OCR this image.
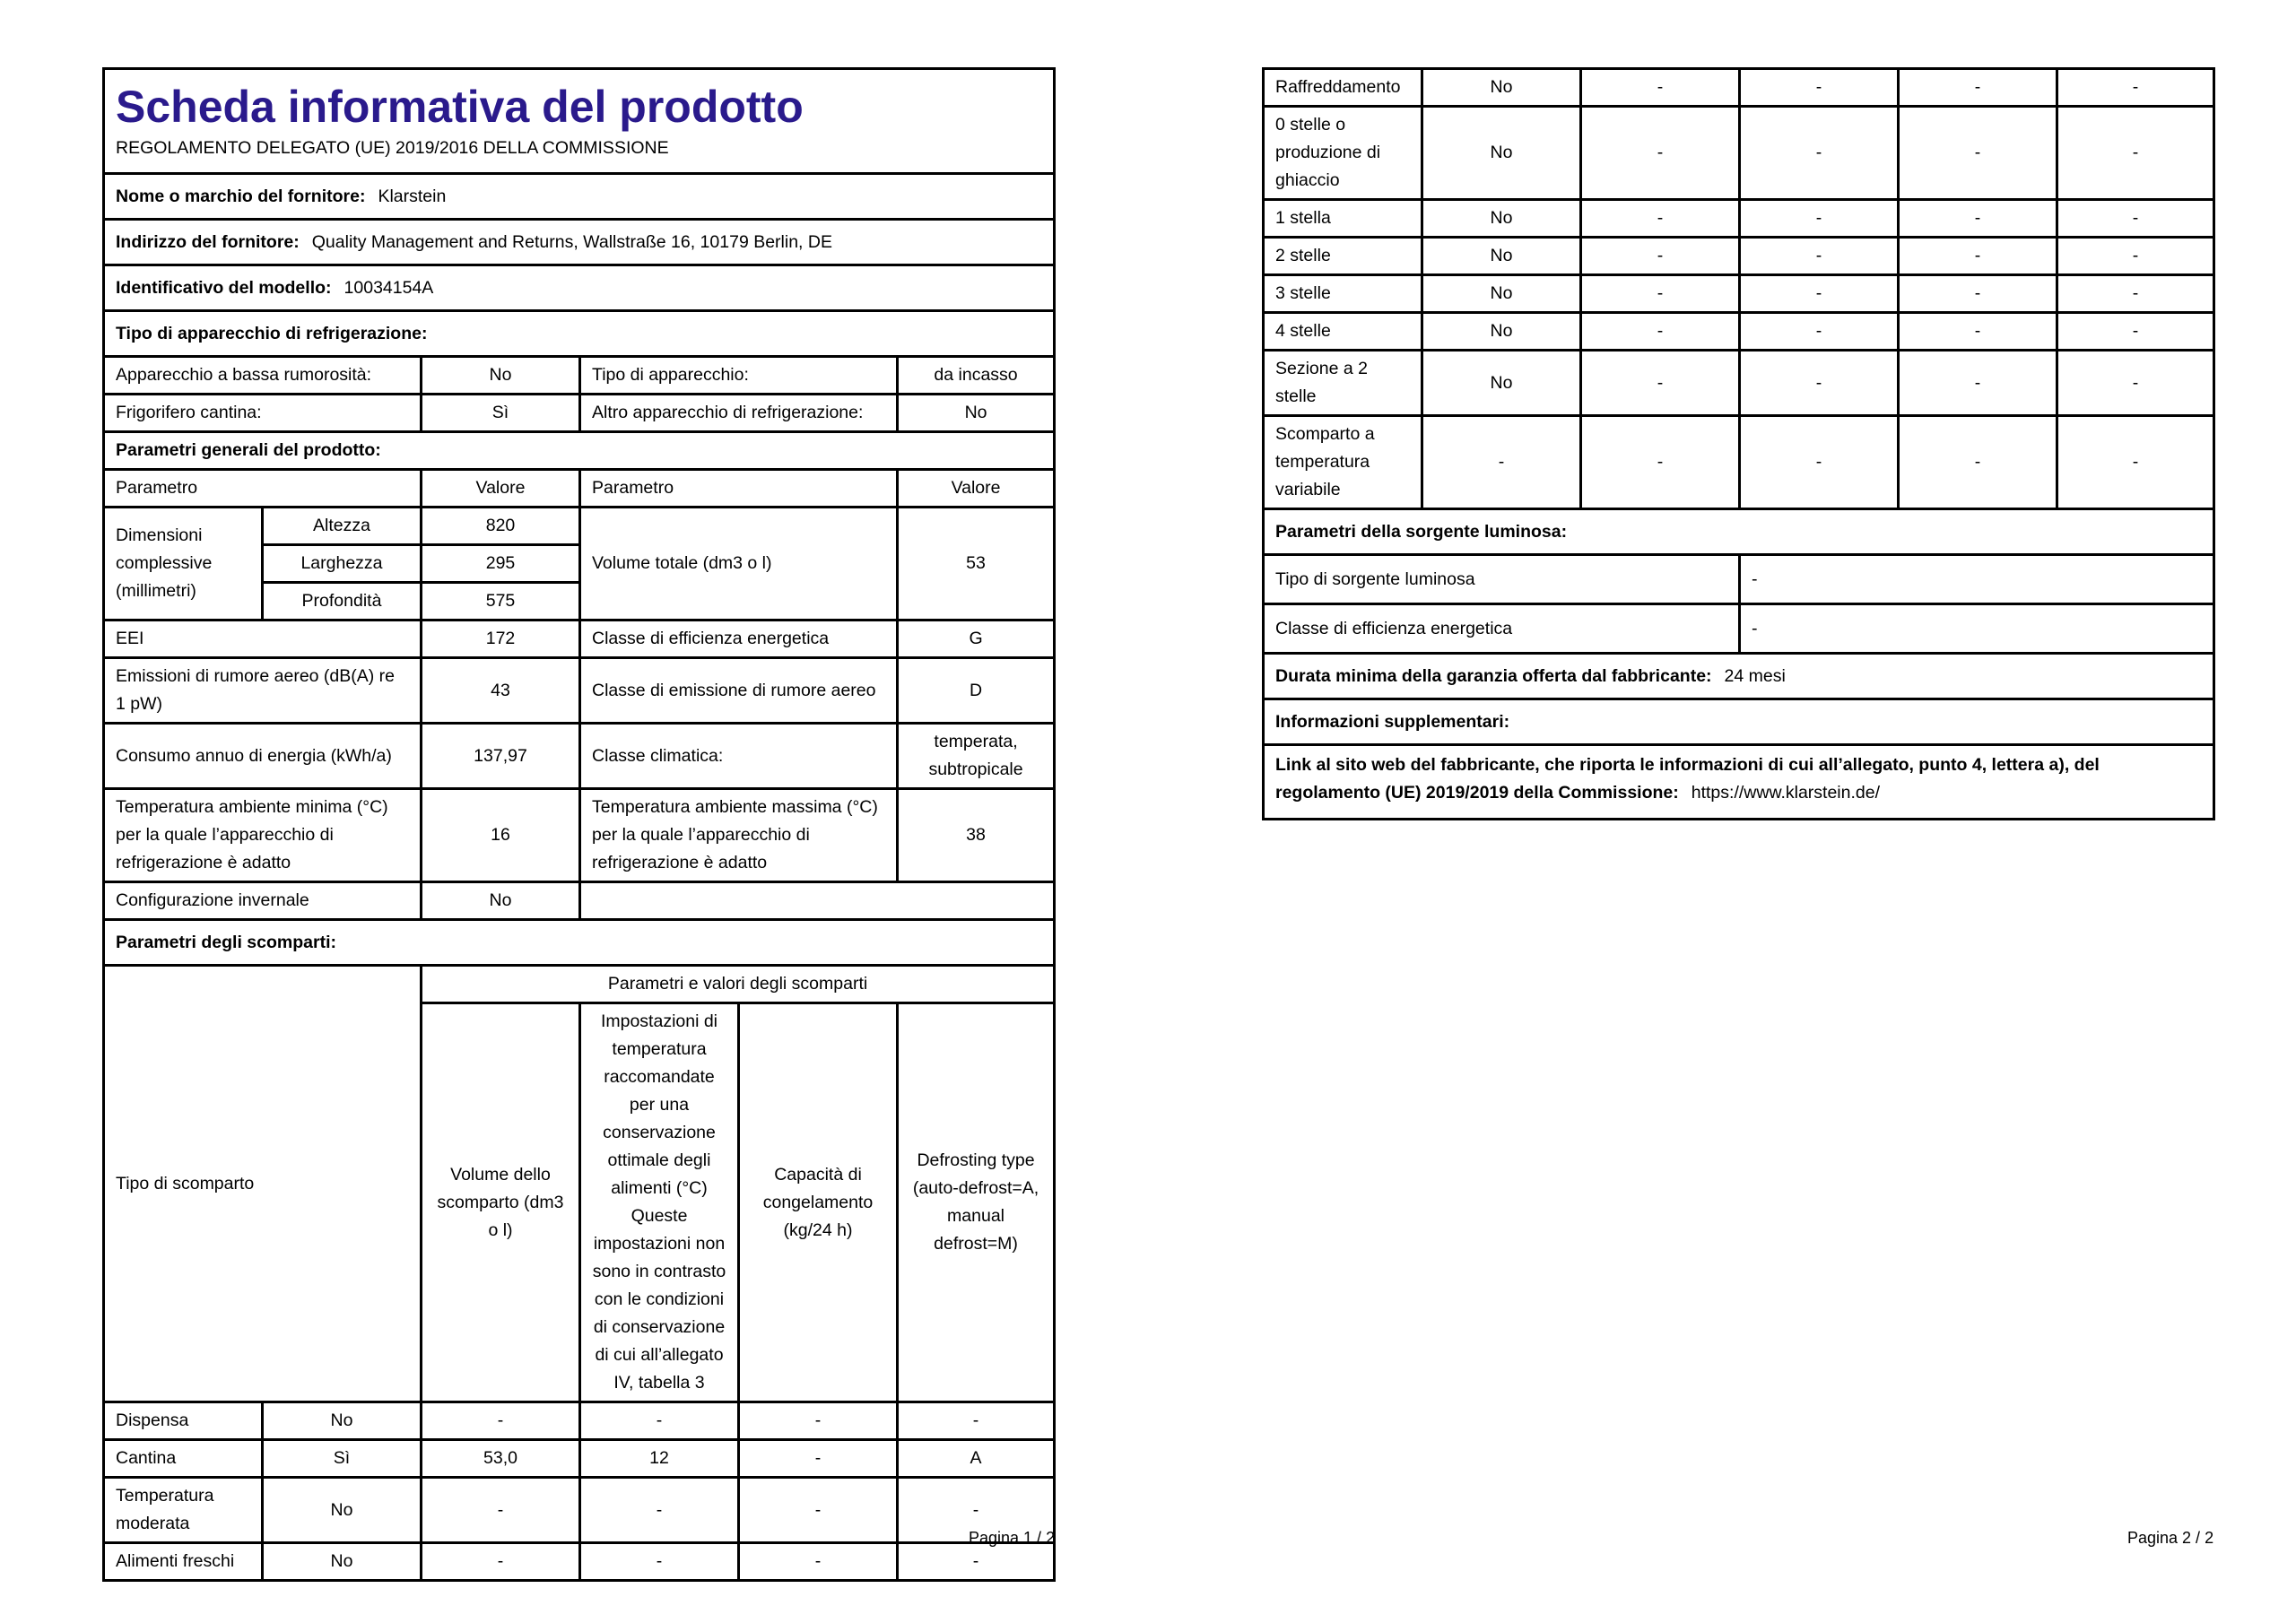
Scheda informativa del prodotto
REGOLAMENTO DELEGATO (UE) 2019/2016 DELLA COMMISSIONE					

Nome o marchio del fornitore: Klarstein					
Indirizzo del fornitore: Quality Management and Returns, Wallstraße 16, 10179 Berlin, DE					
Identificativo del modello: 10034154A					
Tipo di apparecchio di refrigerazione:					
Apparecchio a bassa rumorosità:		No	Tipo di apparecchio:		da incasso
Frigorifero cantina:		Sì	Altro apparecchio di refrigerazione:		No
Parametri generali del prodotto:					
Parametro		Valore	Parametro		Valore
Dimensioni complessive (millimetri)	Altezza	820	Volume totale (dm3 o l)		53
	Larghezza	295			
	Profondità	575			
EEI		172	Classe di efficienza energetica		G
Emissioni di rumore aereo (dB(A) re 1 pW)		43	Classe di emissione di rumore aereo		D
Consumo annuo di energia (kWh/a)		137,97	Classe climatica:		temperata, subtropicale
Temperatura ambiente minima (°C) per la quale l’apparecchio di refrigerazione è adatto		16	Temperatura ambiente massima (°C) per la quale l’apparecchio di refrigerazione è adatto		38
Configurazione invernale		No			
Parametri degli scomparti:					
Tipo di scomparto		Parametri e valori degli scomparti			
		Volume dello scomparto (dm3 o l)	Impostazioni di temperatura raccomandate per una conservazione ottimale degli alimenti (°C) Queste impostazioni non sono in contrasto con le condizioni di conservazione di cui all’allegato IV, tabella 3	Capacità di congelamento (kg/24 h)	Defrosting type (auto-defrost=A, manual defrost=M)
Dispensa	No	-	-	-	-
Cantina	Sì	53,0	12	-	A
Temperatura moderata	No	-	-	-	-
Alimenti freschi	No	-	-	-	-
Pagina 1 / 2
Raffreddamento	No	-	-	-	-
0 stelle o produzione di ghiaccio	No	-	-	-	-
1 stella	No	-	-	-	-
2 stelle	No	-	-	-	-
3 stelle	No	-	-	-	-
4 stelle	No	-	-	-	-
Sezione a 2 stelle	No	-	-	-	-
Scomparto a temperatura variabile	-	-	-	-	-
Parametri della sorgente luminosa:					
Tipo di sorgente luminosa			-		
Classe di efficienza energetica			-		
Durata minima della garanzia offerta dal fabbricante: 24 mesi					
Informazioni supplementari:					
Link al sito web del fabbricante, che riporta le informazioni di cui all’allegato, punto 4, lettera a), del regolamento (UE) 2019/2019 della Commissione: https://www.klarstein.de/					
Pagina 2 / 2
